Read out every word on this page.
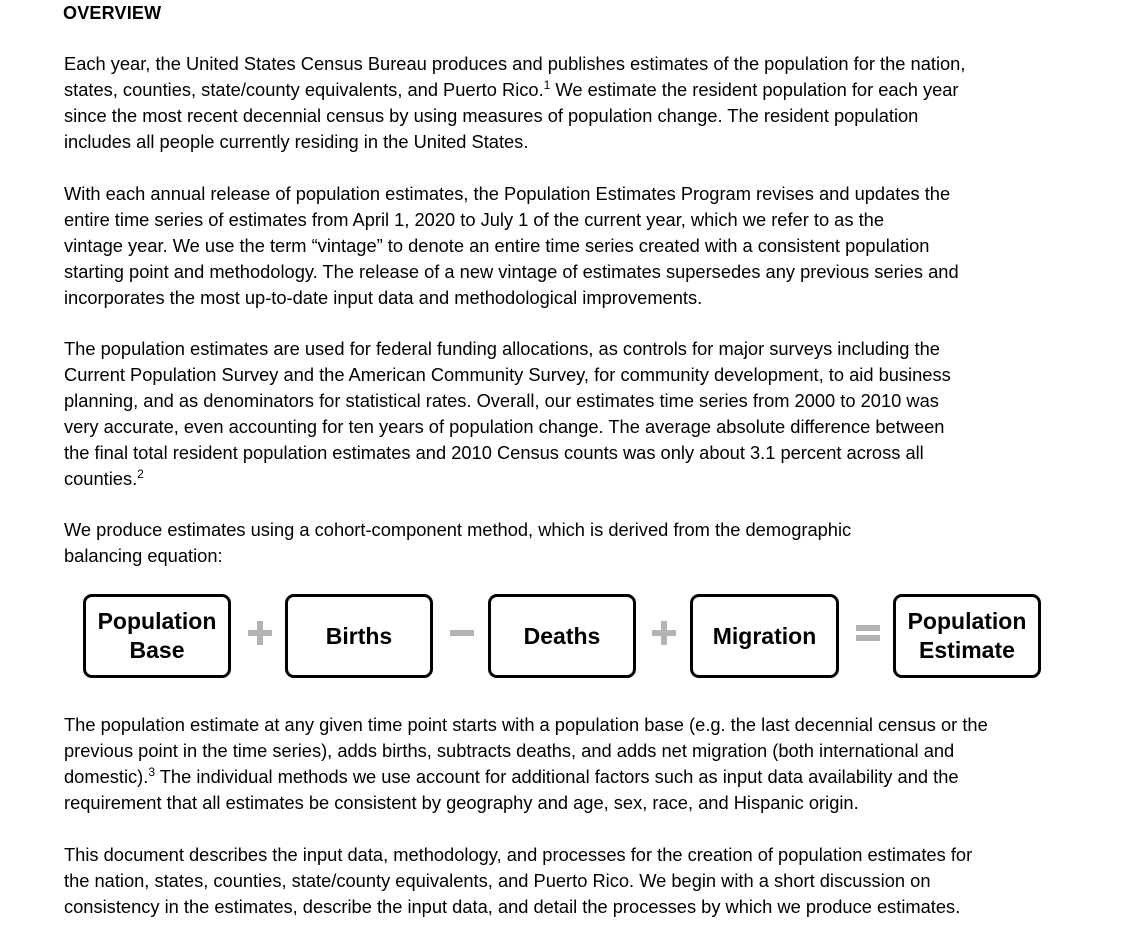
OVERVIEW

Each year, the United States Census Bureau produces and publishes estimates of the population for the nation,
states, counties, state/county equivalents, and Puerto Rico.$^1$ We estimate the resident population for each year
since the most recent decennial census by using measures of population change. The resident population
includes all people currently residing in the United States.

With each annual release of population estimates, the Population Estimates Program revises and updates the
entire time series of estimates from April 1, 2020 to July 1 of the current year, which we refer to as the
vintage year. We use the term “vintage” to denote an entire time series created with a consistent population
starting point and methodology. The release of a new vintage of estimates supersedes any previous series and
incorporates the most up-to-date input data and methodological improvements.

The population estimates are used for federal funding allocations, as controls for major surveys including the
Current Population Survey and the American Community Survey, for community development, to aid business
planning, and as denominators for statistical rates. Overall, our estimates time series from 2000 to 2010 was
very accurate, even accounting for ten years of population change. The average absolute difference between
the final total resident population estimates and 2010 Census counts was only about 3.1 percent across all
counties.$^2$

We produce estimates using a cohort-component method, which is derived from the demographic
balancing equation:

Population
Base
Births	Deaths	Migration
Population
Estimate

The population estimate at any given time point starts with a population base (e.g. the last decennial census or the
previous point in the time series), adds births, subtracts deaths, and adds net migration (both international and
domestic).$^3$ The individual methods we use account for additional factors such as input data availability and the
requirement that all estimates be consistent by geography and age, sex, race, and Hispanic origin.

This document describes the input data, methodology, and processes for the creation of population estimates for
the nation, states, counties, state/county equivalents, and Puerto Rico. We begin with a short discussion on
consistency in the estimates, describe the input data, and detail the processes by which we produce estimates.
